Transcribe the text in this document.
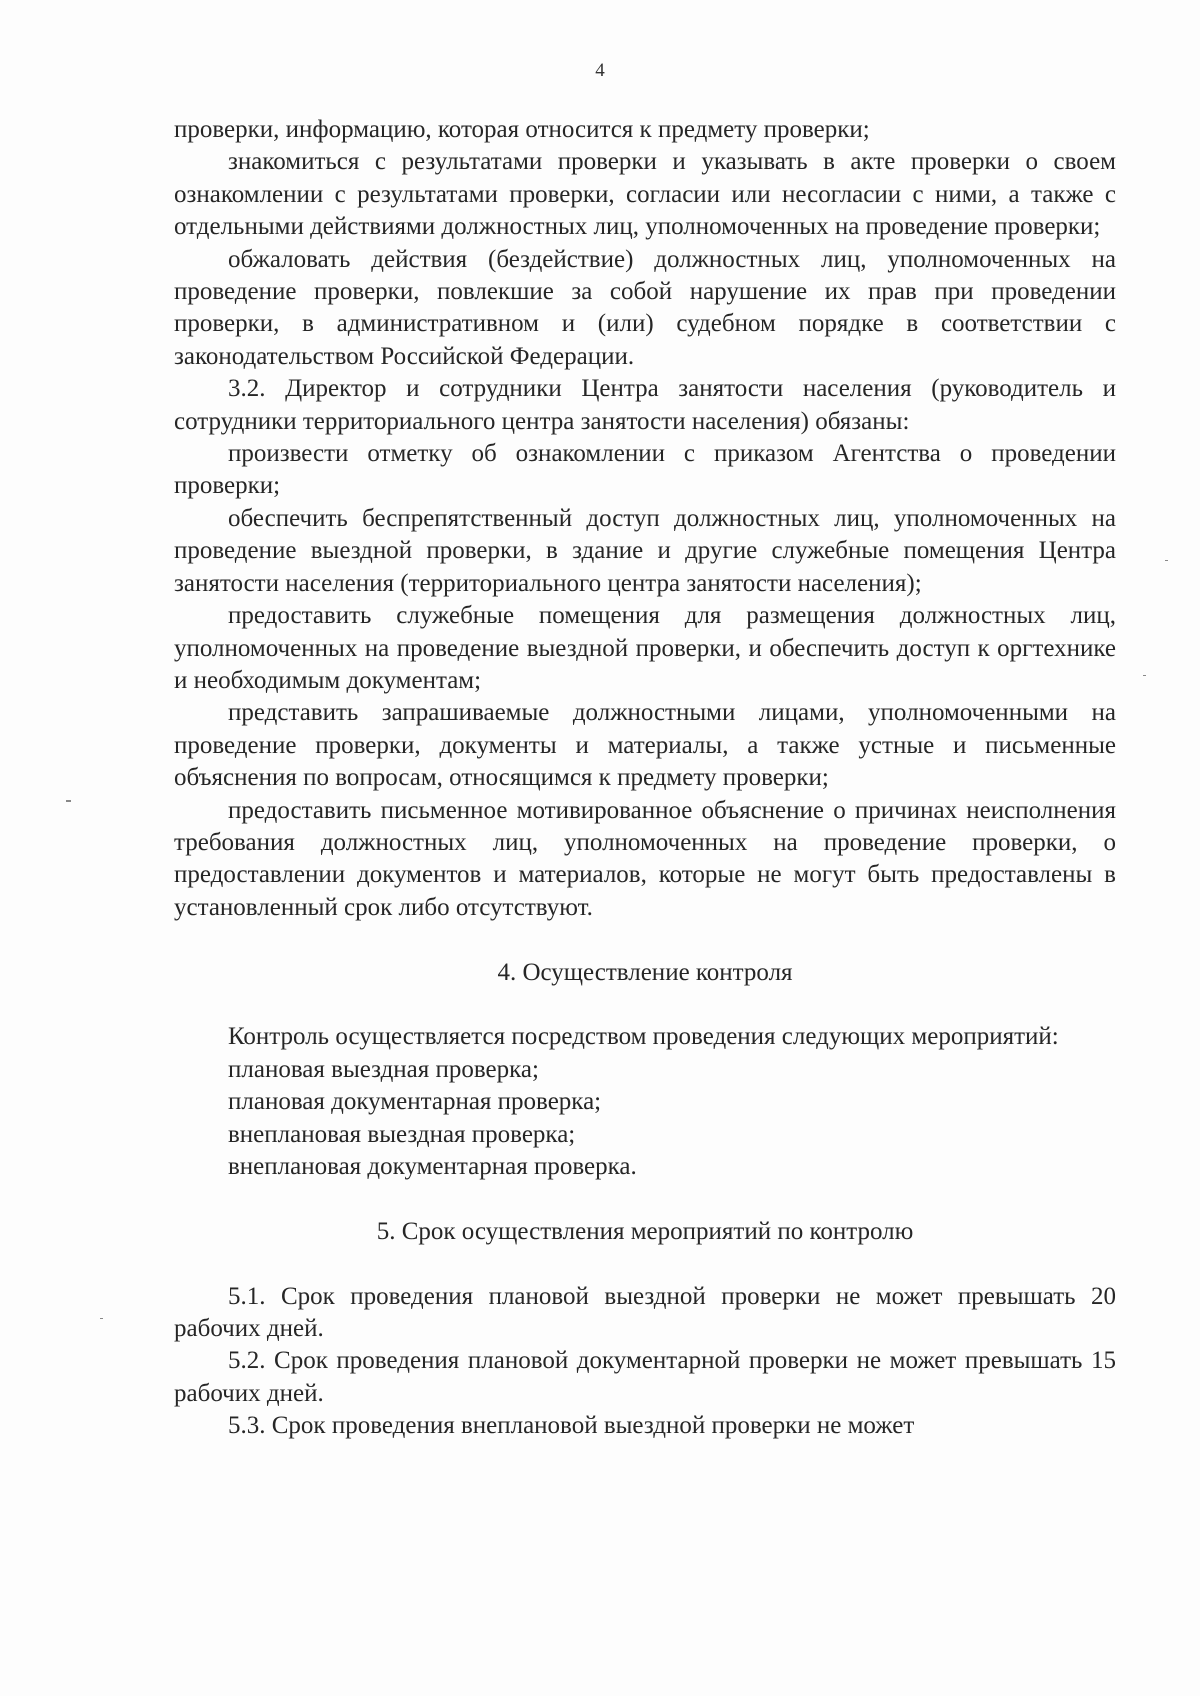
4

проверки, информацию, которая относится к предмету проверки;

знакомиться с результатами проверки и указывать в акте проверки о своем ознакомлении с результатами проверки, согласии или несогласии с ними, а также с отдельными действиями должностных лиц, уполномоченных на проведение проверки;

обжаловать действия (бездействие) должностных лиц, уполномоченных на проведение проверки, повлекшие за собой нарушение их прав при проведении проверки, в административном и (или) судебном порядке в соответствии с законодательством Российской Федерации.

3.2. Директор и сотрудники Центра занятости населения (руководитель и сотрудники территориального центра занятости населения) обязаны:

произвести отметку об ознакомлении с приказом Агентства о проведении проверки;

обеспечить беспрепятственный доступ должностных лиц, уполномоченных на проведение выездной проверки, в здание и другие служебные помещения Центра занятости населения (территориального центра занятости населения);

предоставить служебные помещения для размещения должностных лиц, уполномоченных на проведение выездной проверки, и обеспечить доступ к оргтехнике и необходимым документам;

представить запрашиваемые должностными лицами, уполномоченными на проведение проверки, документы и материалы, а также устные и письменные объяснения по вопросам, относящимся к предмету проверки;

предоставить письменное мотивированное объяснение о причинах неисполнения требования должностных лиц, уполномоченных на проведение проверки, о предоставлении документов и материалов, которые не могут быть предоставлены в установленный срок либо отсутствуют.

4. Осуществление контроля

Контроль осуществляется посредством проведения следующих мероприятий:

плановая выездная проверка;

плановая документарная проверка;

внеплановая выездная проверка;

внеплановая документарная проверка.

5. Срок осуществления мероприятий по контролю

5.1. Срок проведения плановой выездной проверки не может превышать 20 рабочих дней.

5.2. Срок проведения плановой документарной проверки не может превышать 15 рабочих дней.

5.3. Срок проведения внеплановой выездной проверки не может
